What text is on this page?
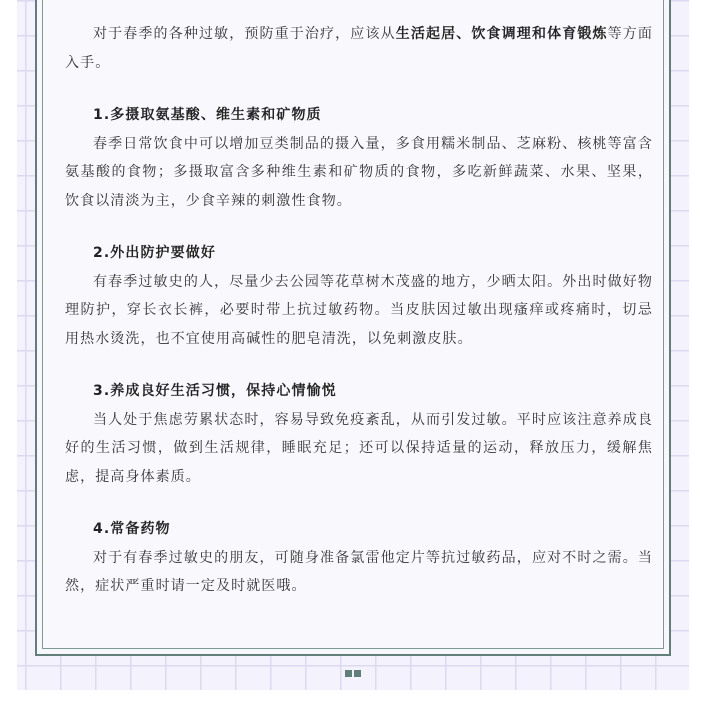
对于春季的各种过敏，预防重于治疗，应该从生活起居、饮食调理和体育锻炼等方面入手。

1.多摄取氨基酸、维生素和矿物质

春季日常饮食中可以增加豆类制品的摄入量，多食用糯米制品、芝麻粉、核桃等富含氨基酸的食物；多摄取富含多种维生素和矿物质的食物，多吃新鲜蔬菜、水果、坚果，饮食以清淡为主，少食辛辣的刺激性食物。

2.外出防护要做好

有春季过敏史的人，尽量少去公园等花草树木茂盛的地方，少晒太阳。外出时做好物理防护，穿长衣长裤，必要时带上抗过敏药物。当皮肤因过敏出现瘙痒或疼痛时，切忌用热水烫洗，也不宜使用高碱性的肥皂清洗，以免刺激皮肤。

3.养成良好生活习惯，保持心情愉悦

当人处于焦虑劳累状态时，容易导致免疫紊乱，从而引发过敏。平时应该注意养成良好的生活习惯，做到生活规律，睡眠充足；还可以保持适量的运动，释放压力，缓解焦虑，提高身体素质。

4.常备药物

对于有春季过敏史的朋友，可随身准备氯雷他定片等抗过敏药品，应对不时之需。当然，症状严重时请一定及时就医哦。
